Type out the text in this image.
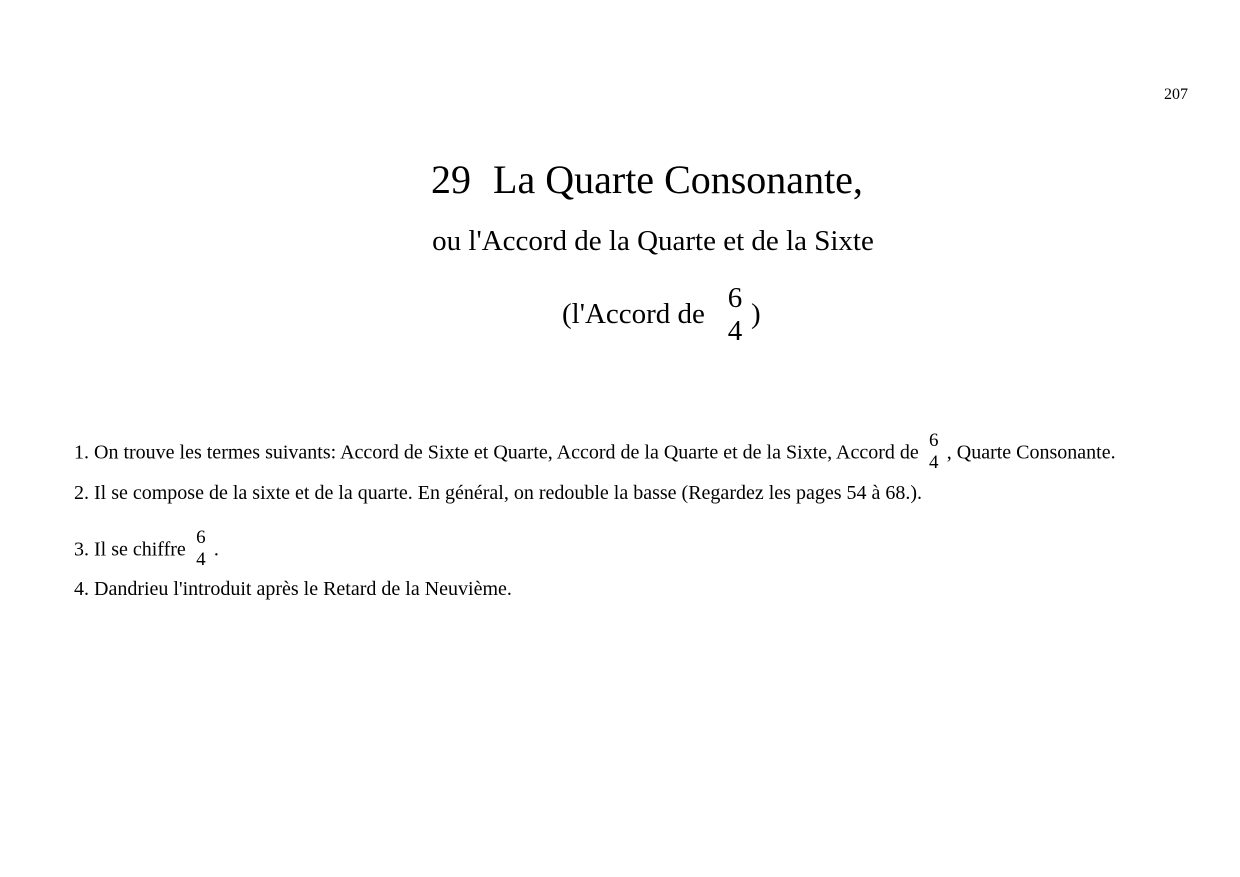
207
29 La Quarte Consonante,
ou l'Accord de la Quarte et de la Sixte
(l'Accord de 6
4
)
1. On trouve les termes suivants: Accord de Sixte et Quarte, Accord de la Quarte et de la Sixte, Accord de
6
4 , Quarte Consonante.
2. Il se compose de la sixte et de la quarte. En général, on redouble la basse (Regardez les pages 54 à 68.).
3. Il se chiffre
6
4 .
4. Dandrieu l'introduit après le Retard de la Neuvième.
